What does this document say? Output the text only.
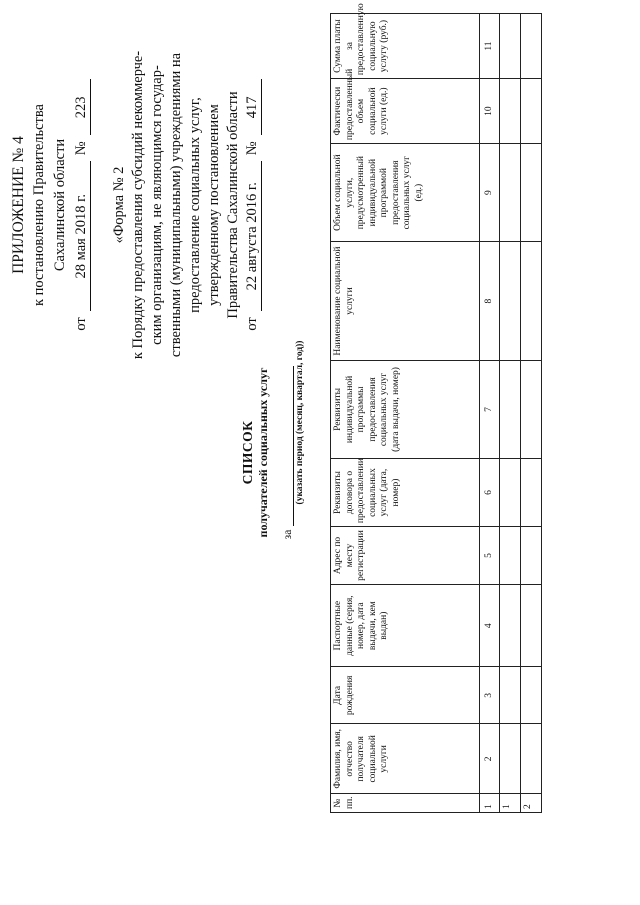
ПРИЛОЖЕНИЕ № 4 к постановлению Правительства Сахалинской области
от
28 мая 2018 г.
№
223
«Форма № 2 к Порядку предоставления субсидий некоммерче- ским организациям, не являющимся государ- ственными (муниципальными) учреждениями на предоставление социальных услуг, утвержденному постановлением Правительства Сахалинской области
от
22 августа 2016 г.
№
417
СПИСОК получателей социальных услуг за
(указать период (месяц, квартал, год))
№ пп.	Фамилия, имя, отчество получателя социальной услуги	Дата рождения	Паспортные данные (серия, номер, дата выдачи, кем выдан)	Адрес по месту регистрации	Реквизиты договора о предоставлении социальных услуг (дата, номер)	Реквизиты индивидуальной программы предоставления социальных услуг (дата выдачи, номер)	Наименование социальной услуги	Объем социальной услуги, предусмотренный индивидуальной программой предоставления социальных услуг (ед.)	Фактически предоставленный объем социальной услуги (ед.)	Сумма платы за предоставленную социальную услугу (руб.)
1	2	3	4	5	6	7	8	9	10	11
1										
2										
